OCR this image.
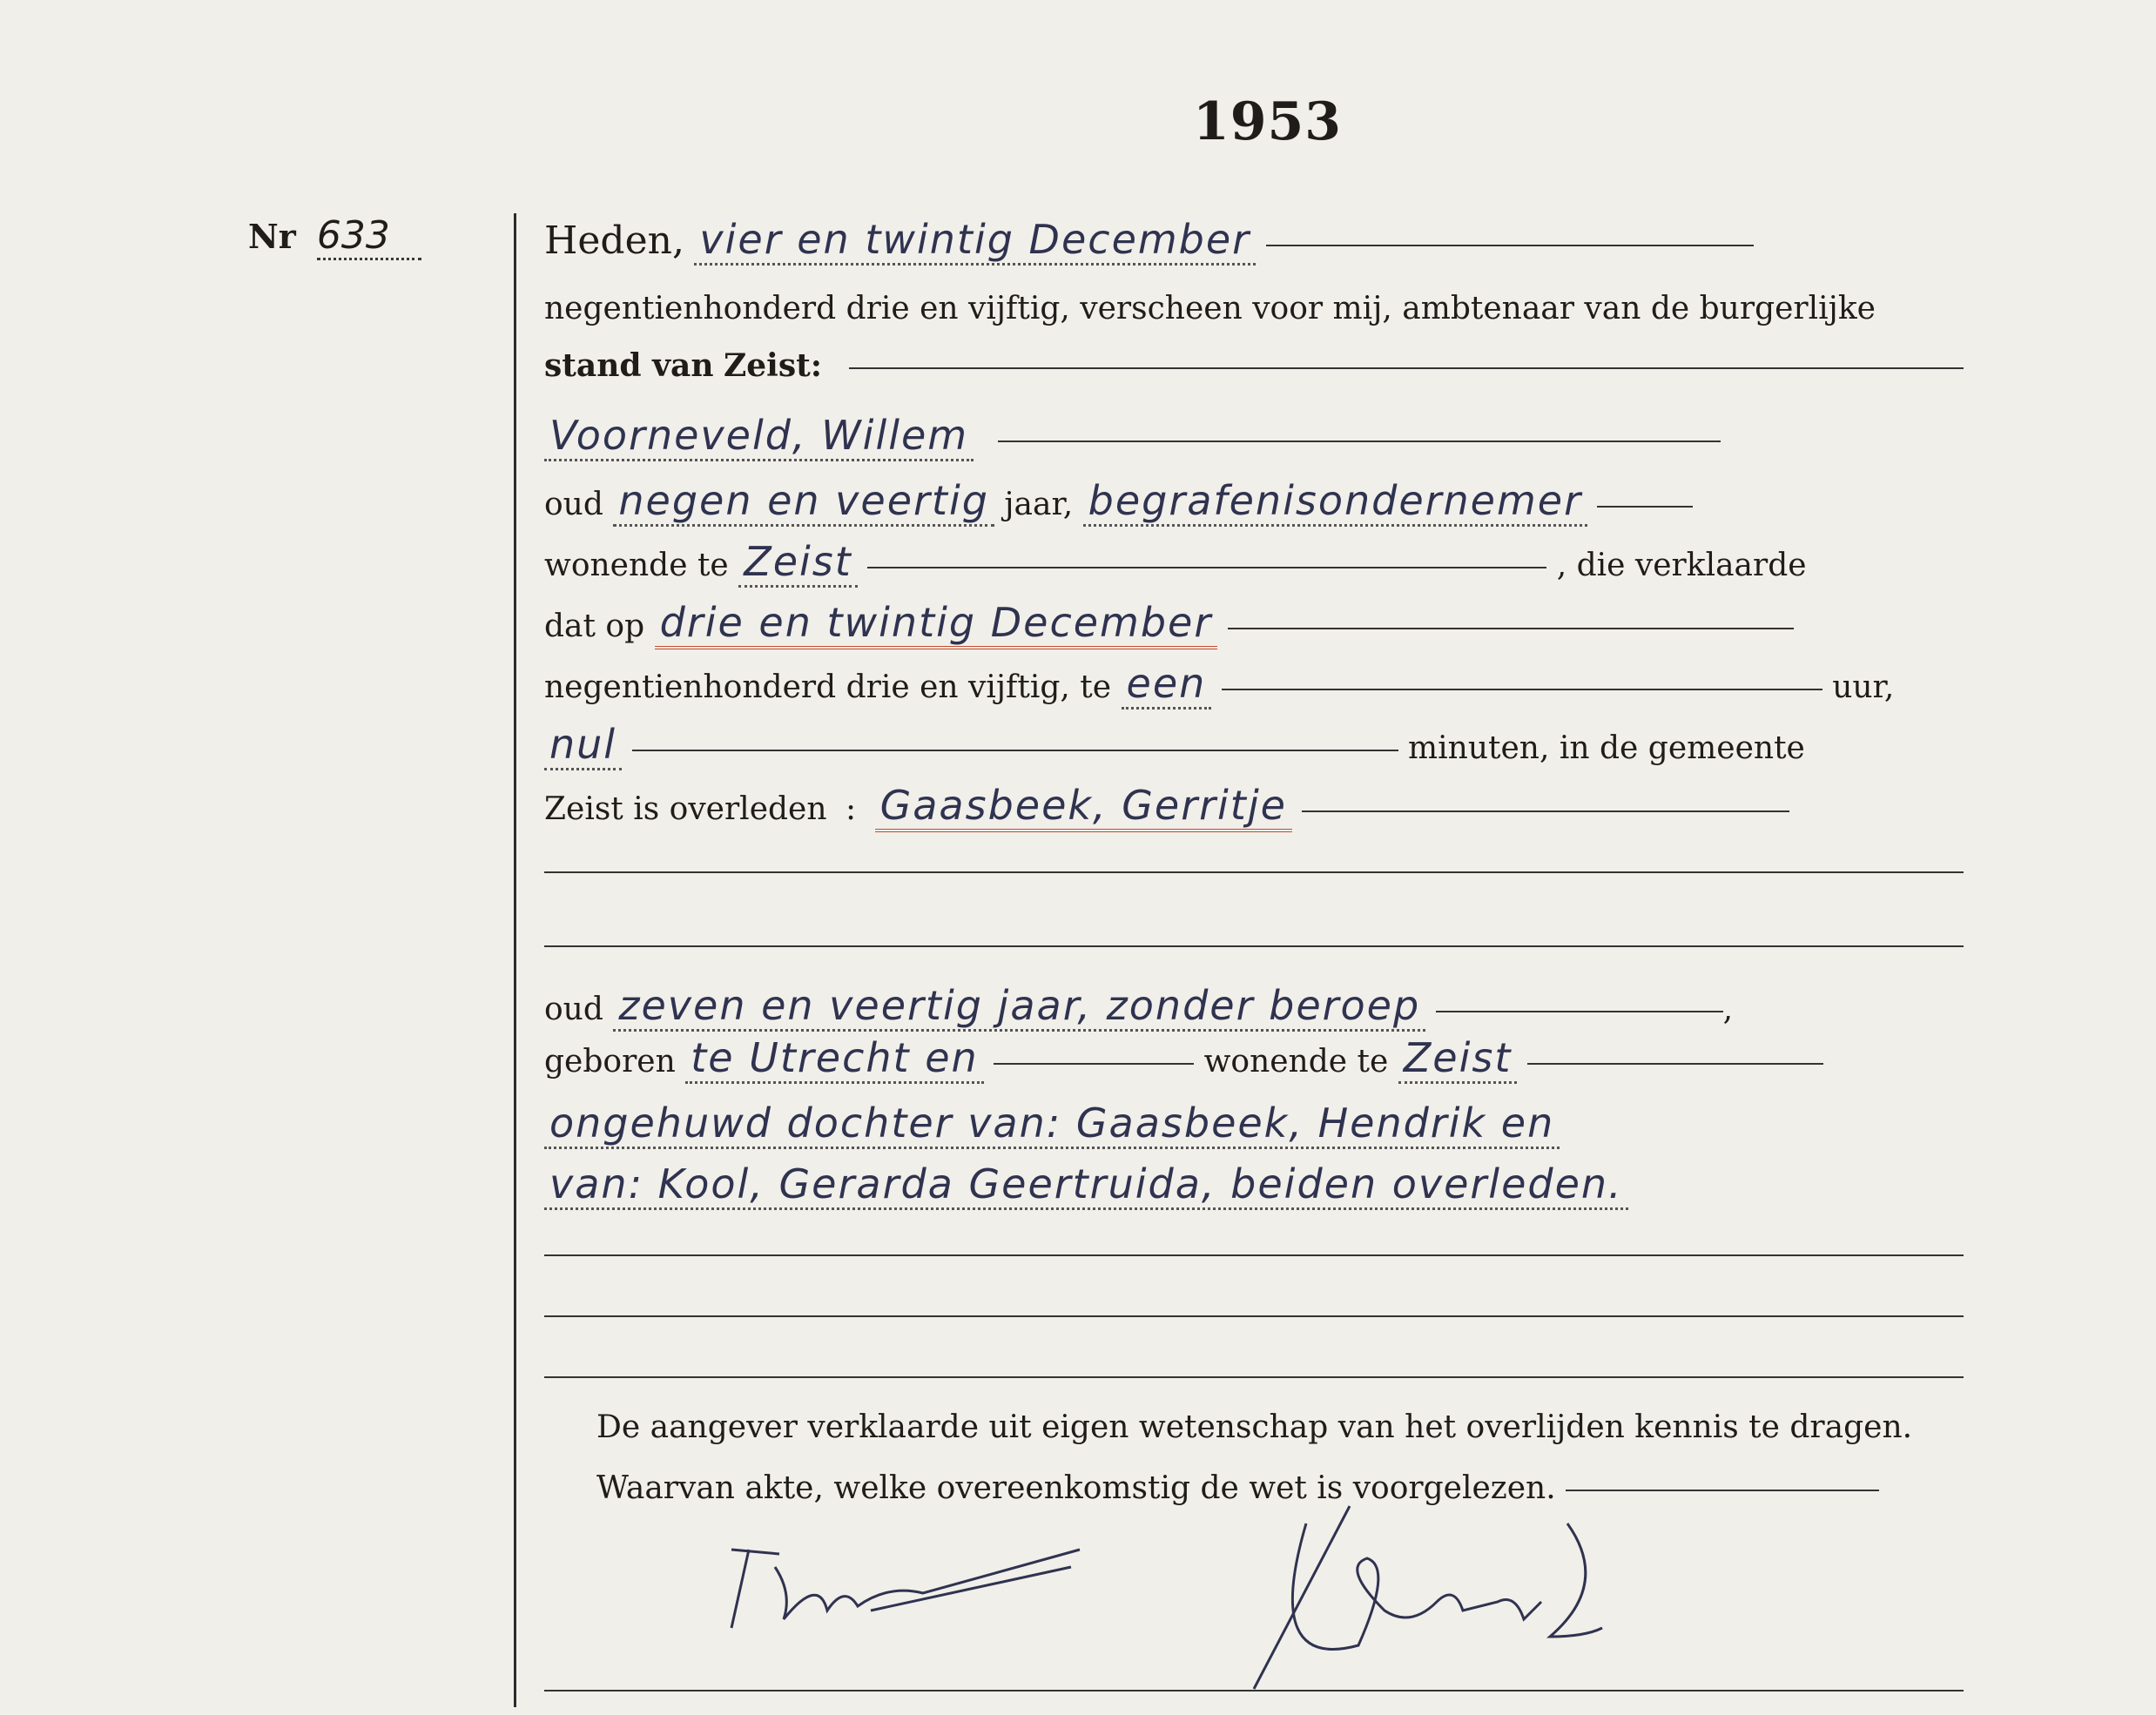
1953
Nr 633	Heden, vier en twintig December
negentienhonderd drie en vijftig, verscheen voor mij, ambtenaar van de burgerlijke
stand van Zeist:
Voorneveld, Willem
oud negen en veertig jaar, begrafenisondernemer
wonende te Zeist	, die verklaarde
dat op drie en twintig December
negentienhonderd drie en vijftig, te een	uur,
nul	minuten, in de gemeente
Zeist is overleden : Gaasbeek, Gerritje
oud zeven en veertig jaar, zonder beroep	,
geboren te Utrecht en	wonende te Zeist
ongehuwd dochter van: Gaasbeek, Hendrik en
van: Kool, Gerarda Geertruida, beiden overleden.
De aangever verklaarde uit eigen wetenschap van het overlijden kennis te dragen.
Waarvan akte, welke overeenkomstig de wet is voorgelezen.
